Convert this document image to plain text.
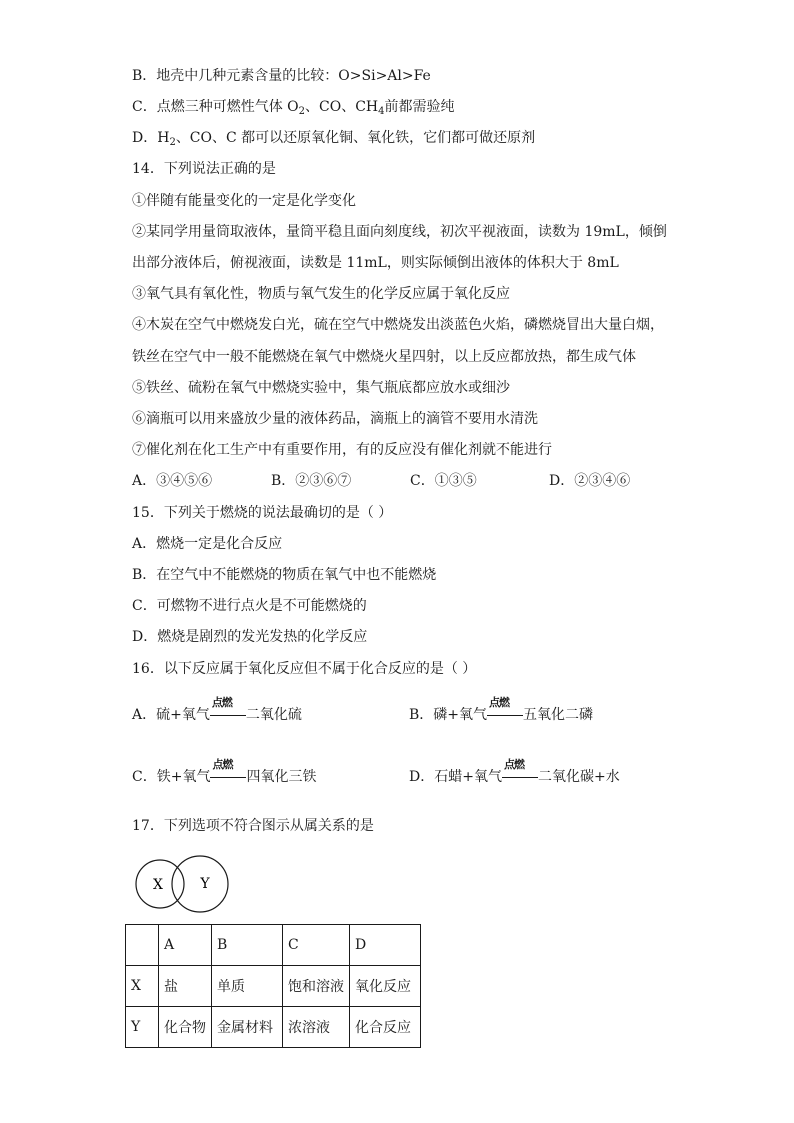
B．地壳中几种元素含量的比较：O>Si>Al>Fe
C．点燃三种可燃性气体 $O_2$、CO、$CH_4$前都需验纯
D．$H_2$、CO、C 都可以还原氧化铜、氧化铁，它们都可做还原剂
14．下列说法正确的是
①伴随有能量变化的一定是化学变化
②某同学用量筒取液体，量筒平稳且面向刻度线，初次平视液面，读数为 19mL，倾倒
出部分液体后，俯视液面，读数是 11mL，则实际倾倒出液体的体积大于 8mL
③氧气具有氧化性，物质与氧气发生的化学反应属于氧化反应
④木炭在空气中燃烧发白光，硫在空气中燃烧发出淡蓝色火焰，磷燃烧冒出大量白烟，
铁丝在空气中一般不能燃烧在氧气中燃烧火星四射，以上反应都放热，都生成气体
⑤铁丝、硫粉在氧气中燃烧实验中，集气瓶底都应放水或细沙
⑥滴瓶可以用来盛放少量的液体药品，滴瓶上的滴管不要用水清洗
⑦催化剂在化工生产中有重要作用，有的反应没有催化剂就不能进行
A．③④⑤⑥	B．②③⑥⑦	C．①③⑤	D．②③④⑥
15．下列关于燃烧的说法最确切的是（ ）
A．燃烧一定是化合反应
B．在空气中不能燃烧的物质在氧气中也不能燃烧
C．可燃物不进行点火是不可能燃烧的
D．燃烧是剧烈的发光发热的化学反应
16．以下反应属于氧化反应但不属于化合反应的是（ ）
A．硫+氧气
点燃
二氧化硫	B．磷+氧气
点燃
五氧化二磷
C．铁+氧气
点燃
四氧化三铁	D．石蜡+氧气
点燃
二氧化碳+水
17．下列选项不符合图示从属关系的是
X	Y
	A	B	C	D
X	盐	单质	饱和溶液	氧化反应
Y	化合物	金属材料	浓溶液	化合反应
